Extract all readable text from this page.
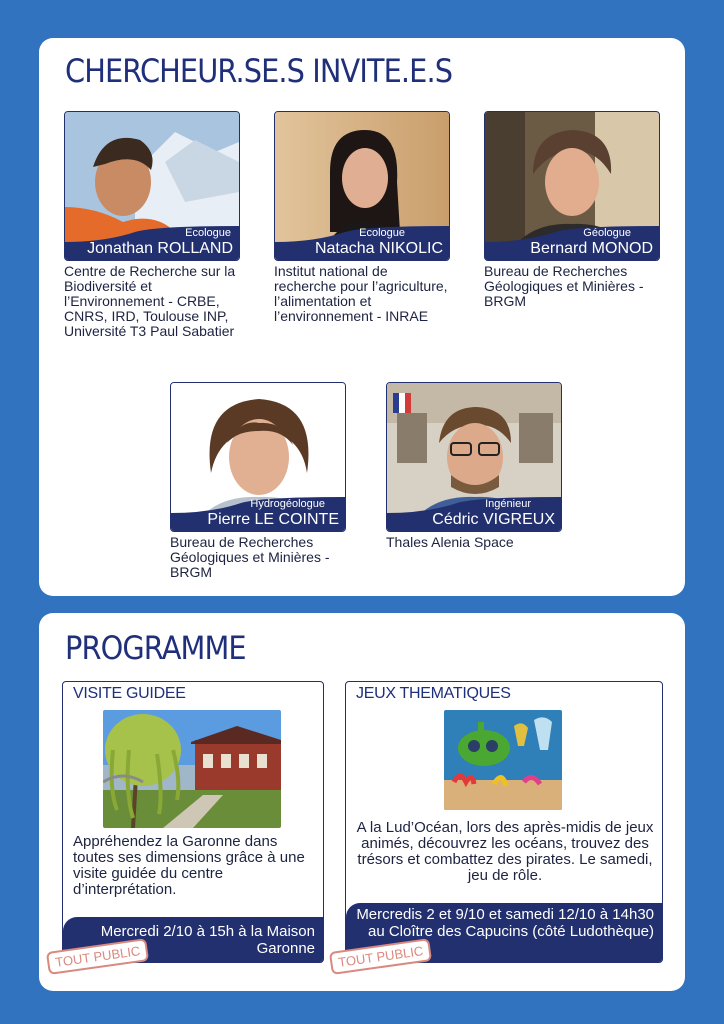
CHERCHEUR.SE.S INVITE.E.S
Ecologue
Jonathan ROLLAND
Centre de Recherche sur la Biodiversité et l’Environnement - CRBE, CNRS, IRD, Toulouse INP, Université T3 Paul Sabatier
Ecologue
Natacha NIKOLIC
Institut national de recherche pour l’agriculture, l’alimentation et l’environnement - INRAE
Géologue
Bernard MONOD
Bureau de Recherches Géologiques et Minières - BRGM
Hydrogéologue
Pierre LE COINTE
Bureau de Recherches Géologiques et Minières - BRGM
Ingénieur
Cédric VIGREUX
Thales Alenia Space
PROGRAMME
VISITE GUIDEE
Appréhendez la Garonne dans toutes ses dimensions grâce à une visite guidée du centre d’interprétation.
Mercredi 2/10 à 15h à la Maison Garonne
TOUT PUBLIC
JEUX THEMATIQUES
A la Lud’Océan, lors des après-midis de jeux animés, découvrez les océans, trouvez des trésors et combattez des pirates. Le samedi, jeu de rôle.
Mercredis 2 et 9/10 et samedi 12/10 à 14h30 au Cloître des Capucins (côté Ludothèque)
TOUT PUBLIC
